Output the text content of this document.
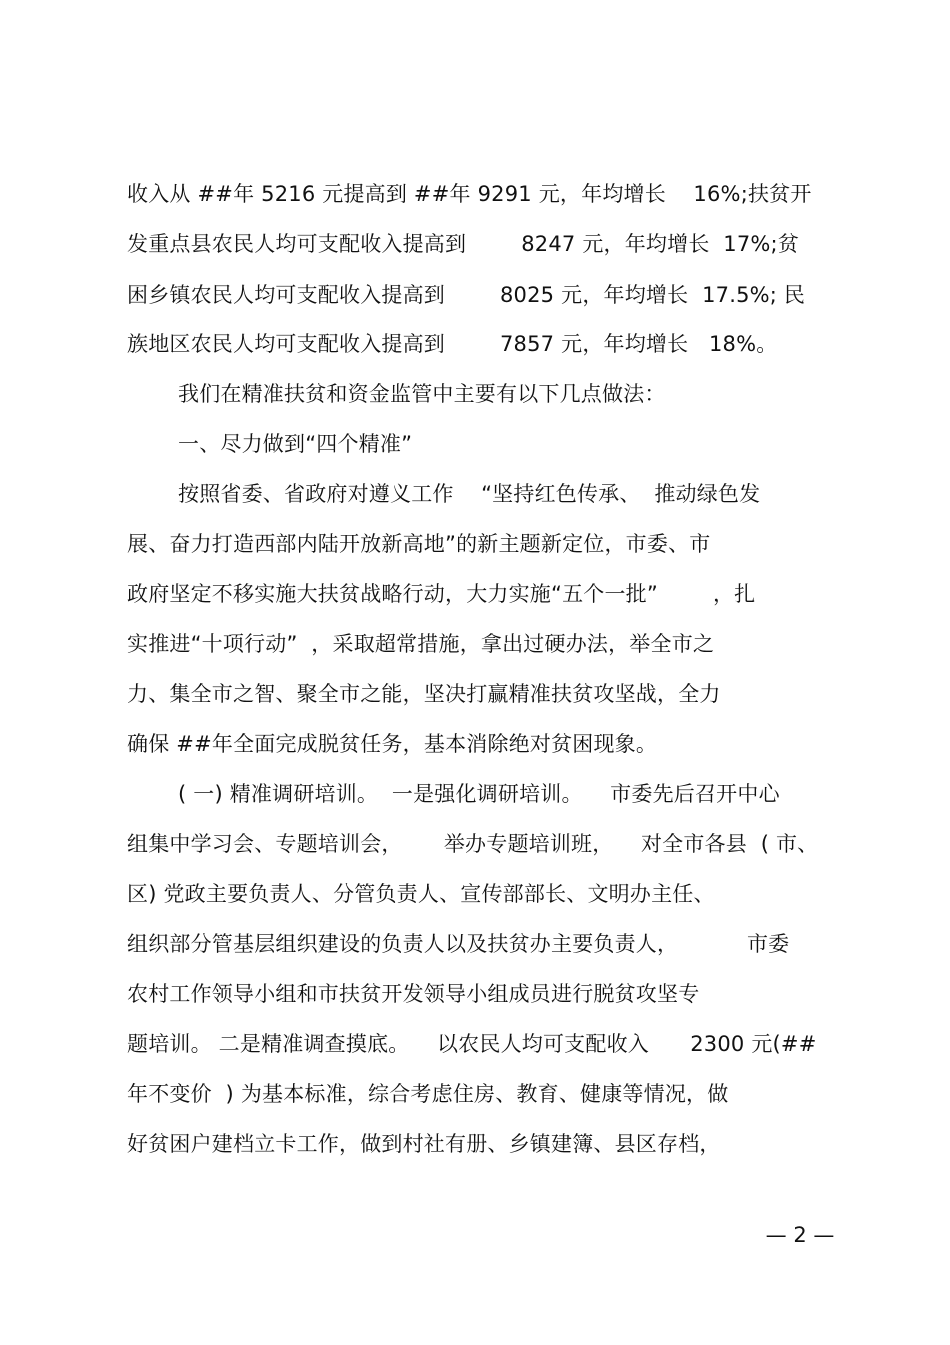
收入从 ##年 5216 元提高到 ##年 9291 元，年均增长    16%;扶贫开
发重点县农民人均可支配收入提高到        8247 元，年均增长  17%;贫
困乡镇农民人均可支配收入提高到        8025 元，年均增长  17.5%; 民
族地区农民人均可支配收入提高到        7857 元，年均增长   18%。
我们在精准扶贫和资金监管中主要有以下几点做法：
一、尽力做到“四个精准”
按照省委、省政府对遵义工作    “坚持红色传承、  推动绿色发
展、奋力打造西部内陆开放新高地”的新主题新定位，市委、市
政府坚定不移实施大扶贫战略行动，大力实施“五个一批”        ，扎
实推进“十项行动”  ，采取超常措施，拿出过硬办法，举全市之
力、集全市之智、聚全市之能，坚决打赢精准扶贫攻坚战，全力
确保 ##年全面完成脱贫任务，基本消除绝对贫困现象。
( 一) 精准调研培训。  一是强化调研培训。    市委先后召开中心
组集中学习会、专题培训会，      举办专题培训班，    对全市各县  ( 市、
区) 党政主要负责人、分管负责人、宣传部部长、文明办主任、
组织部分管基层组织建设的负责人以及扶贫办主要负责人，          市委
农村工作领导小组和市扶贫开发领导小组成员进行脱贫攻坚专
题培训。 二是精准调查摸底。    以农民人均可支配收入      2300 元(##
年不变价  ) 为基本标准，综合考虑住房、教育、健康等情况，做
好贫困户建档立卡工作，做到村社有册、乡镇建簿、县区存档，
— 2 —
